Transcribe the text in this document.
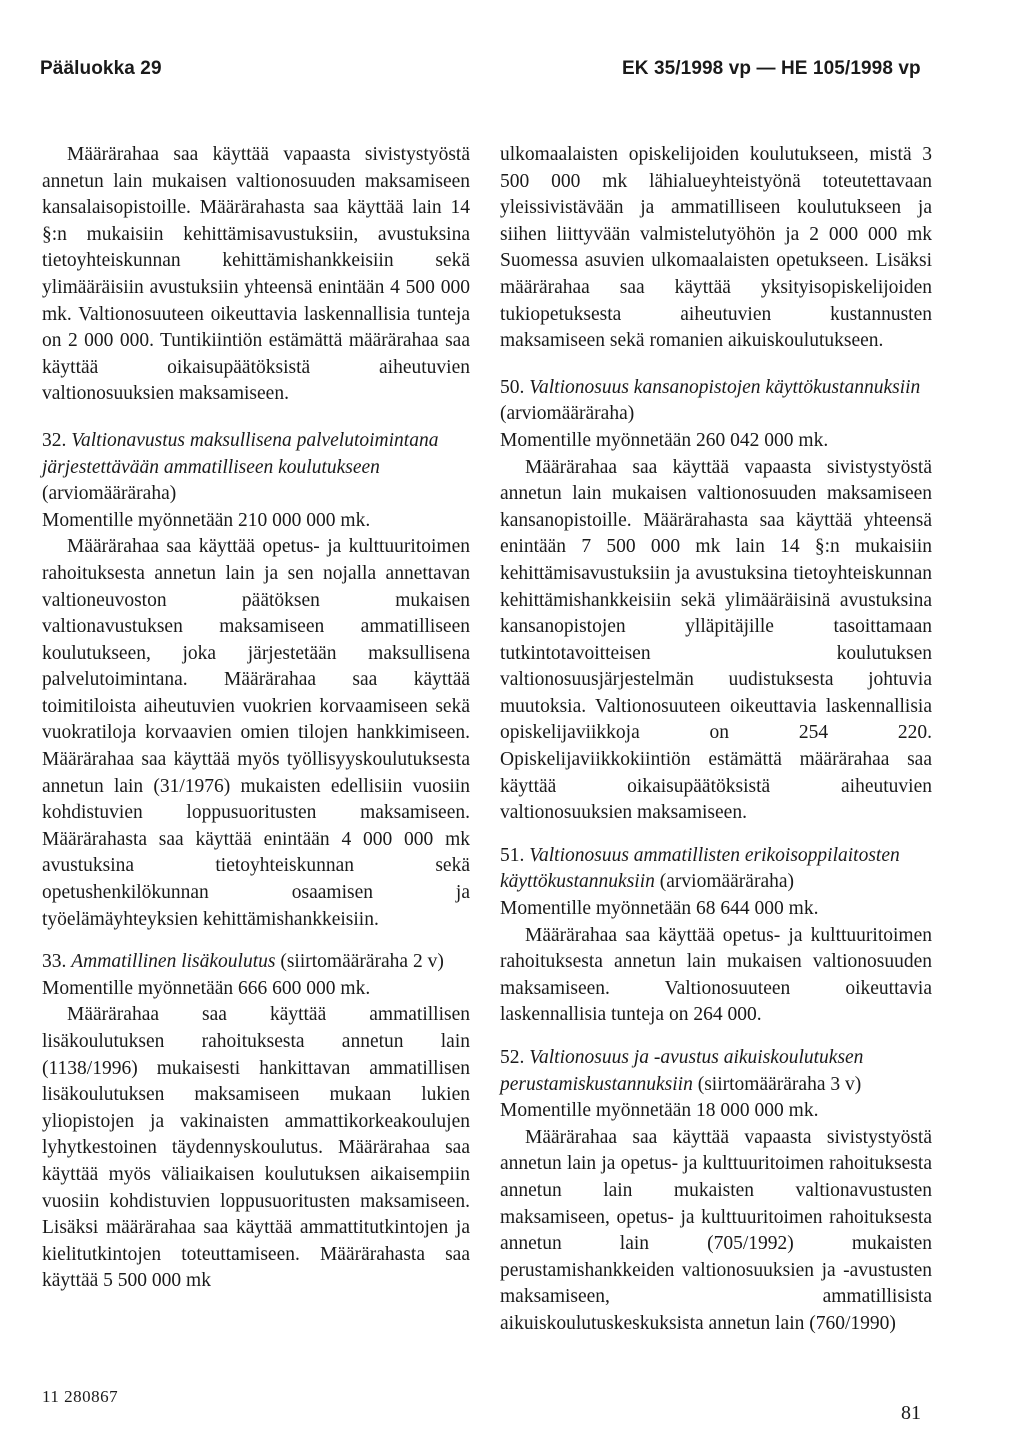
Pääluokka 29	EK 35/1998 vp — HE 105/1998 vp

Määrärahaa saa käyttää vapaasta sivistystyöstä annetun lain mukaisen valtionosuuden maksamiseen kansalaisopistoille. Määrärahasta saa käyttää lain 14 §:n mukaisiin kehittämisavustuksiin, avustuksina tietoyhteiskunnan kehittämishankkeisiin sekä ylimääräisiin avustuksiin yhteensä enintään 4 500 000 mk. Valtionosuuteen oikeuttavia laskennallisia tunteja on 2 000 000. Tuntikiintiön estämättä määrärahaa saa käyttää oikaisupäätöksistä aiheutuvien valtionosuuksien maksamiseen.

32. Valtionavustus maksullisena palvelutoimintana järjestettävään ammatilliseen koulutukseen (arviomääräraha)

Momentille myönnetään 210 000 000 mk.

Määrärahaa saa käyttää opetus- ja kulttuuritoimen rahoituksesta annetun lain ja sen nojalla annettavan valtioneuvoston päätöksen mukaisen valtionavustuksen maksamiseen ammatilliseen koulutukseen, joka järjestetään maksullisena palvelutoimintana. Määrärahaa saa käyttää toimitiloista aiheutuvien vuokrien korvaamiseen sekä vuokratiloja korvaavien omien tilojen hankkimiseen. Määrärahaa saa käyttää myös työllisyyskoulutuksesta annetun lain (31/1976) mukaisten edellisiin vuosiin kohdistuvien loppusuoritusten maksamiseen. Määrärahasta saa käyttää enintään 4 000 000 mk avustuksina tietoyhteiskunnan sekä opetushenkilökunnan osaamisen ja työelämäyhteyksien kehittämishankkeisiin.

33. Ammatillinen lisäkoulutus (siirtomääräraha 2 v)

Momentille myönnetään 666 600 000 mk.

Määrärahaa saa käyttää ammatillisen lisäkoulutuksen rahoituksesta annetun lain (1138/1996) mukaisesti hankittavan ammatillisen lisäkoulutuksen maksamiseen mukaan lukien yliopistojen ja vakinaisten ammattikorkeakoulujen lyhytkestoinen täydennyskoulutus. Määrärahaa saa käyttää myös väliaikaisen koulutuksen aikaisempiin vuosiin kohdistuvien loppusuoritusten maksamiseen. Lisäksi määrärahaa saa käyttää ammattitutkintojen ja kielitutkintojen toteuttamiseen. Määrärahasta saa käyttää 5 500 000 mk

ulkomaalaisten opiskelijoiden koulutukseen, mistä 3 500 000 mk lähialueyhteistyönä toteutettavaan yleissivistävään ja ammatilliseen koulutukseen ja siihen liittyvään valmistelutyöhön ja 2 000 000 mk Suomessa asuvien ulkomaalaisten opetukseen. Lisäksi määrärahaa saa käyttää yksityisopiskelijoiden tukiopetuksesta aiheutuvien kustannusten maksamiseen sekä romanien aikuiskoulutukseen.

50. Valtionosuus kansanopistojen käyttökustannuksiin (arviomääräraha)

Momentille myönnetään 260 042 000 mk.

Määrärahaa saa käyttää vapaasta sivistystyöstä annetun lain mukaisen valtionosuuden maksamiseen kansanopistoille. Määrärahasta saa käyttää yhteensä enintään 7 500 000 mk lain 14 §:n mukaisiin kehittämisavustuksiin ja avustuksina tietoyhteiskunnan kehittämishankkeisiin sekä ylimääräisinä avustuksina kansanopistojen ylläpitäjille tasoittamaan tutkintotavoitteisen koulutuksen valtionosuusjärjestelmän uudistuksesta johtuvia muutoksia. Valtionosuuteen oikeuttavia laskennallisia opiskelijaviikkoja on 254 220. Opiskelijaviikkokiintiön estämättä määrärahaa saa käyttää oikaisupäätöksistä aiheutuvien valtionosuuksien maksamiseen.

51. Valtionosuus ammatillisten erikoisoppilaitosten käyttökustannuksiin (arviomääräraha)

Momentille myönnetään 68 644 000 mk.

Määrärahaa saa käyttää opetus- ja kulttuuritoimen rahoituksesta annetun lain mukaisen valtionosuuden maksamiseen. Valtionosuuteen oikeuttavia laskennallisia tunteja on 264 000.

52. Valtionosuus ja -avustus aikuiskoulutuksen perustamiskustannuksiin (siirtomääräraha 3 v)

Momentille myönnetään 18 000 000 mk.

Määrärahaa saa käyttää vapaasta sivistystyöstä annetun lain ja opetus- ja kulttuuritoimen rahoituksesta annetun lain mukaisten valtionavustusten maksamiseen, opetus- ja kulttuuritoimen rahoituksesta annetun lain (705/1992) mukaisten perustamishankkeiden valtionosuuksien ja -avustusten maksamiseen, ammatillisista aikuiskoulutuskeskuksista annetun lain (760/1990)

11 280867
81
